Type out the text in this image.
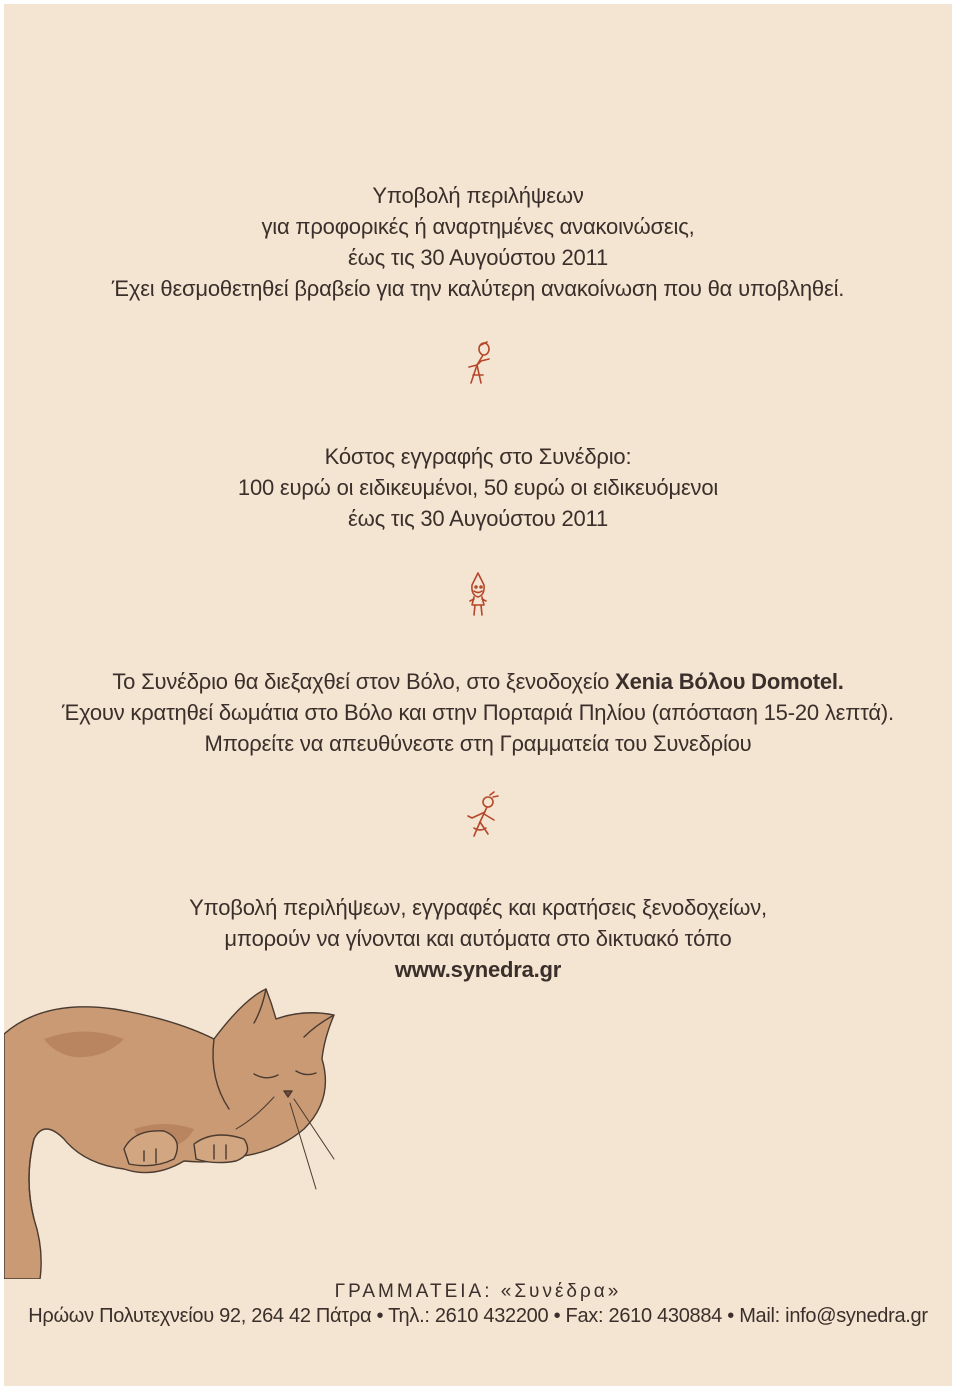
Υποβολή περιλήψεων
για προφορικές ή αναρτημένες ανακοινώσεις,
έως τις 30 Αυγούστου 2011
Έχει θεσμοθετηθεί βραβείο για την καλύτερη ανακοίνωση που θα υποβληθεί.
Κόστος εγγραφής στο Συνέδριο:
100 ευρώ οι ειδικευμένοι, 50 ευρώ οι ειδικευόμενοι
έως τις 30 Αυγούστου 2011
Το Συνέδριο θα διεξαχθεί στον Βόλο, στο ξενοδοχείο Xenia Βόλου Domotel.
Έχουν κρατηθεί δωμάτια στο Βόλο και στην Πορταριά Πηλίου (απόσταση 15-20 λεπτά).
Μπορείτε να απευθύνεστε στη Γραμματεία του Συνεδρίου
Υποβολή περιλήψεων, εγγραφές και κρατήσεις ξενοδοχείων,
μπορούν να γίνονται και αυτόματα στο δικτυακό τόπο
www.synedra.gr
ΓΡΑΜΜΑΤΕΙΑ: «Συνέδρα»
Ηρώων Πολυτεχνείου 92, 264 42 Πάτρα • Τηλ.: 2610 432200 • Fax: 2610 430884 • Mail: info@synedra.gr
